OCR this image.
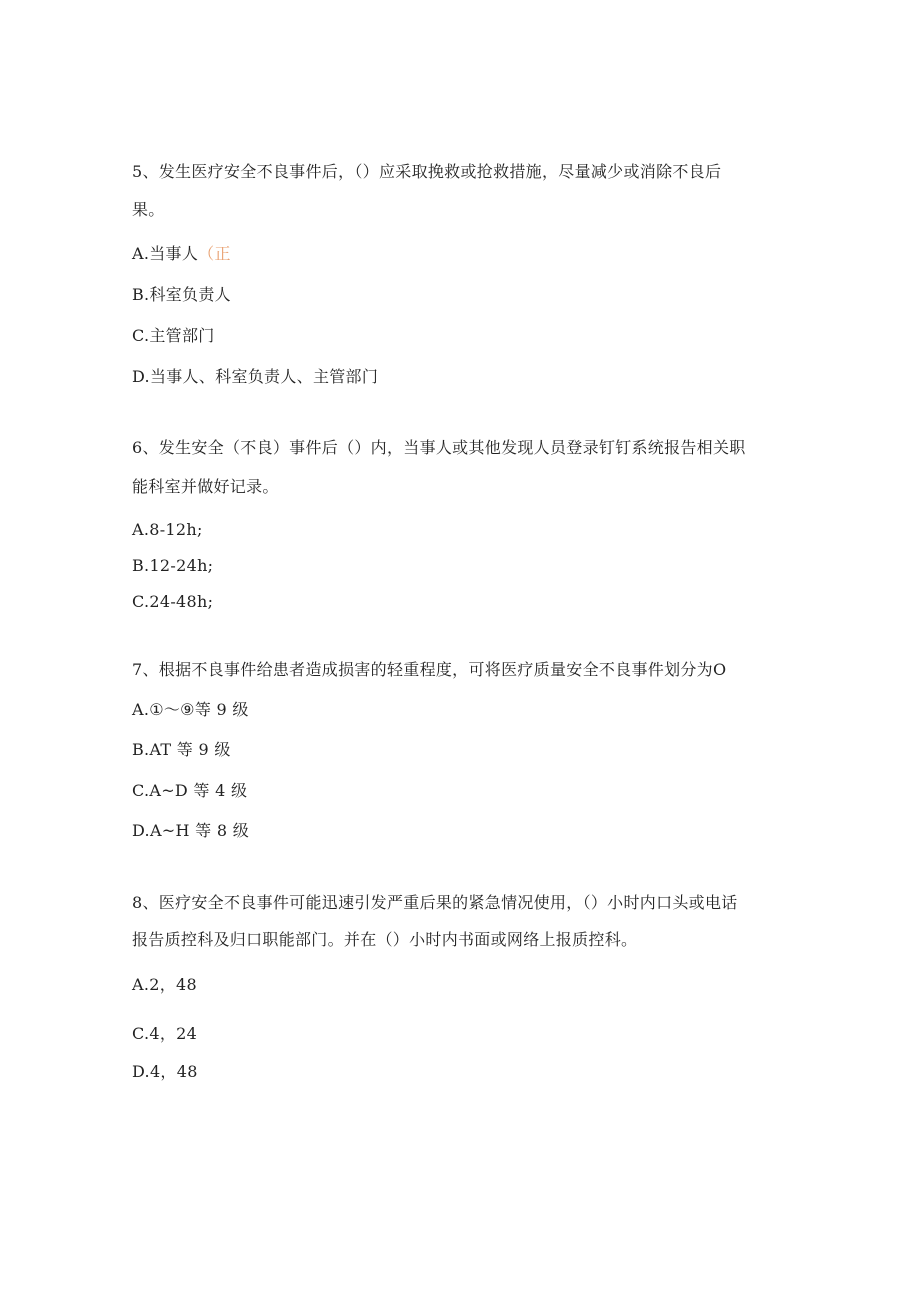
5、发生医疗安全不良事件后，（）应采取挽救或抢救措施，尽量减少或消除不良后
果。
A.当事人（正
B.科室负责人
C.主管部门
D.当事人、科室负责人、主管部门
6、发生安全（不良）事件后（）内，当事人或其他发现人员登录钉钉系统报告相关职
能科室并做好记录。
A.8-12h;
B.12-24h;
C.24-48h;
7、根据不良事件给患者造成损害的轻重程度，可将医疗质量安全不良事件划分为O
A.①～⑨等 9 级
B.AT 等 9 级
C.A~D 等 4 级
D.A~H 等 8 级
8、医疗安全不良事件可能迅速引发严重后果的紧急情况使用，（）小时内口头或电话
报告质控科及归口职能部门。并在（）小时内书面或网络上报质控科。
A.2，48
C.4，24
D.4，48
